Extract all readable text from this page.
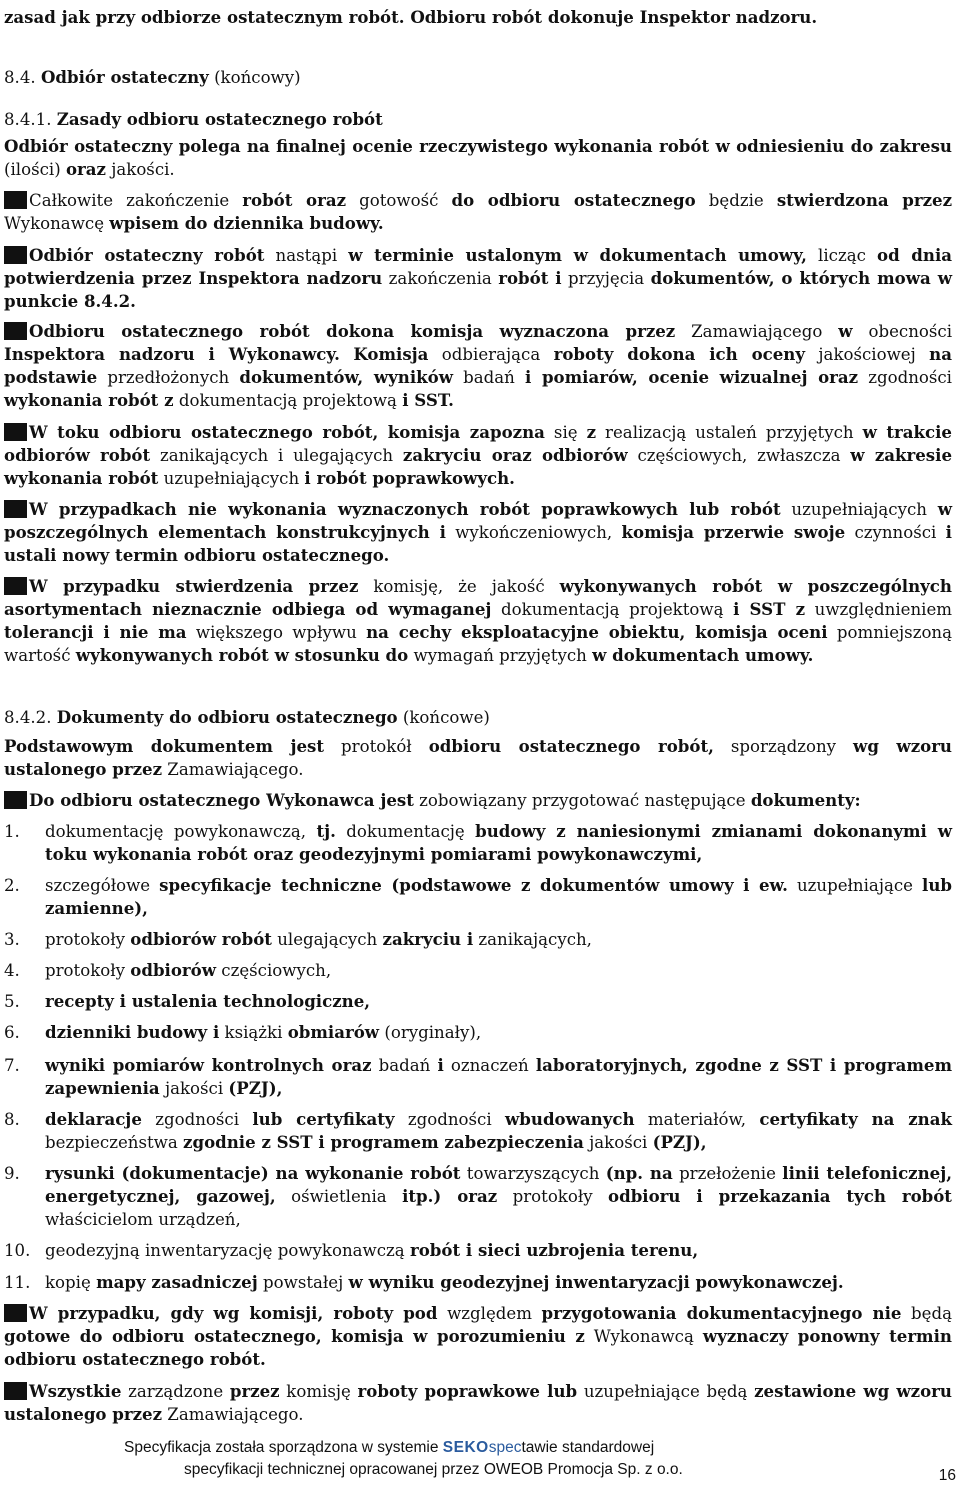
zasad jak przy odbiorze ostatecznym robót. Odbioru robót dokonuje Inspektor nadzoru.
8.4. Odbiór ostateczny (końcowy)
8.4.1. Zasady odbioru ostatecznego robót
Odbiór ostateczny polega na finalnej ocenie rzeczywistego wykonania robót w odniesieniu do zakresu (ilości) oraz jakości.
Całkowite zakończenie robót oraz gotowość do odbioru ostatecznego będzie stwierdzona przez Wykonawcę wpisem do dziennika budowy.
Odbiór ostateczny robót nastąpi w terminie ustalonym w dokumentach umowy, licząc od dnia potwierdzenia przez Inspektora nadzoru zakończenia robót i przyjęcia dokumentów, o których mowa w punkcie 8.4.2.
Odbioru ostatecznego robót dokona komisja wyznaczona przez Zamawiającego w obecności Inspektora nadzoru i Wykonawcy. Komisja odbierająca roboty dokona ich oceny jakościowej na podstawie przedłożonych dokumentów, wyników badań i pomiarów, ocenie wizualnej oraz zgodności wykonania robót z dokumentacją projektową i SST.
W toku odbioru ostatecznego robót, komisja zapozna się z realizacją ustaleń przyjętych w trakcie odbiorów robót zanikających i ulegających zakryciu oraz odbiorów częściowych, zwłaszcza w zakresie wykonania robót uzupełniających i robót poprawkowych.
W przypadkach nie wykonania wyznaczonych robót poprawkowych lub robót uzupełniających w poszczególnych elementach konstrukcyjnych i wykończeniowych, komisja przerwie swoje czynności i ustali nowy termin odbioru ostatecznego.
W przypadku stwierdzenia przez komisję, że jakość wykonywanych robót w poszczególnych asortymentach nieznacznie odbiega od wymaganej dokumentacją projektową i SST z uwzględnieniem tolerancji i nie ma większego wpływu na cechy eksploatacyjne obiektu, komisja oceni pomniejszoną wartość wykonywanych robót w stosunku do wymagań przyjętych w dokumentach umowy.
8.4.2. Dokumenty do odbioru ostatecznego (końcowe)
Podstawowym dokumentem jest protokół odbioru ostatecznego robót, sporządzony wg wzoru ustalonego przez Zamawiającego.
Do odbioru ostatecznego Wykonawca jest zobowiązany przygotować następujące dokumenty:
1. dokumentację powykonawczą, tj. dokumentację budowy z naniesionymi zmianami dokonanymi w toku wykonania robót oraz geodezyjnymi pomiarami powykonawczymi,
2. szczegółowe specyfikacje techniczne (podstawowe z dokumentów umowy i ew. uzupełniające lub zamienne),
3. protokoły odbiorów robót ulegających zakryciu i zanikających,
4. protokoły odbiorów częściowych,
5. recepty i ustalenia technologiczne,
6. dzienniki budowy i książki obmiarów (oryginały),
7. wyniki pomiarów kontrolnych oraz badań i oznaczeń laboratoryjnych, zgodne z SST i programem zapewnienia jakości (PZJ),
8. deklaracje zgodności lub certyfikaty zgodności wbudowanych materiałów, certyfikaty na znak bezpieczeństwa zgodnie z SST i programem zabezpieczenia jakości (PZJ),
9. rysunki (dokumentacje) na wykonanie robót towarzyszących (np. na przełożenie linii telefonicznej, energetycznej, gazowej, oświetlenia itp.) oraz protokoły odbioru i przekazania tych robót właścicielom urządzeń,
10. geodezyjną inwentaryzację powykonawczą robót i sieci uzbrojenia terenu,
11. kopię mapy zasadniczej powstałej w wyniku geodezyjnej inwentaryzacji powykonawczej.
W przypadku, gdy wg komisji, roboty pod względem przygotowania dokumentacyjnego nie będą gotowe do odbioru ostatecznego, komisja w porozumieniu z Wykonawcą wyznaczy ponowny termin odbioru ostatecznego robót.
Wszystkie zarządzone przez komisję roboty poprawkowe lub uzupełniające będą zestawione wg wzoru ustalonego przez Zamawiającego.
Specyfikacja została sporządzona w systemie SEKOspectawie standardowej
specyfikacji technicznej opracowanej przez OWEOB Promocja Sp. z o.o.	16
